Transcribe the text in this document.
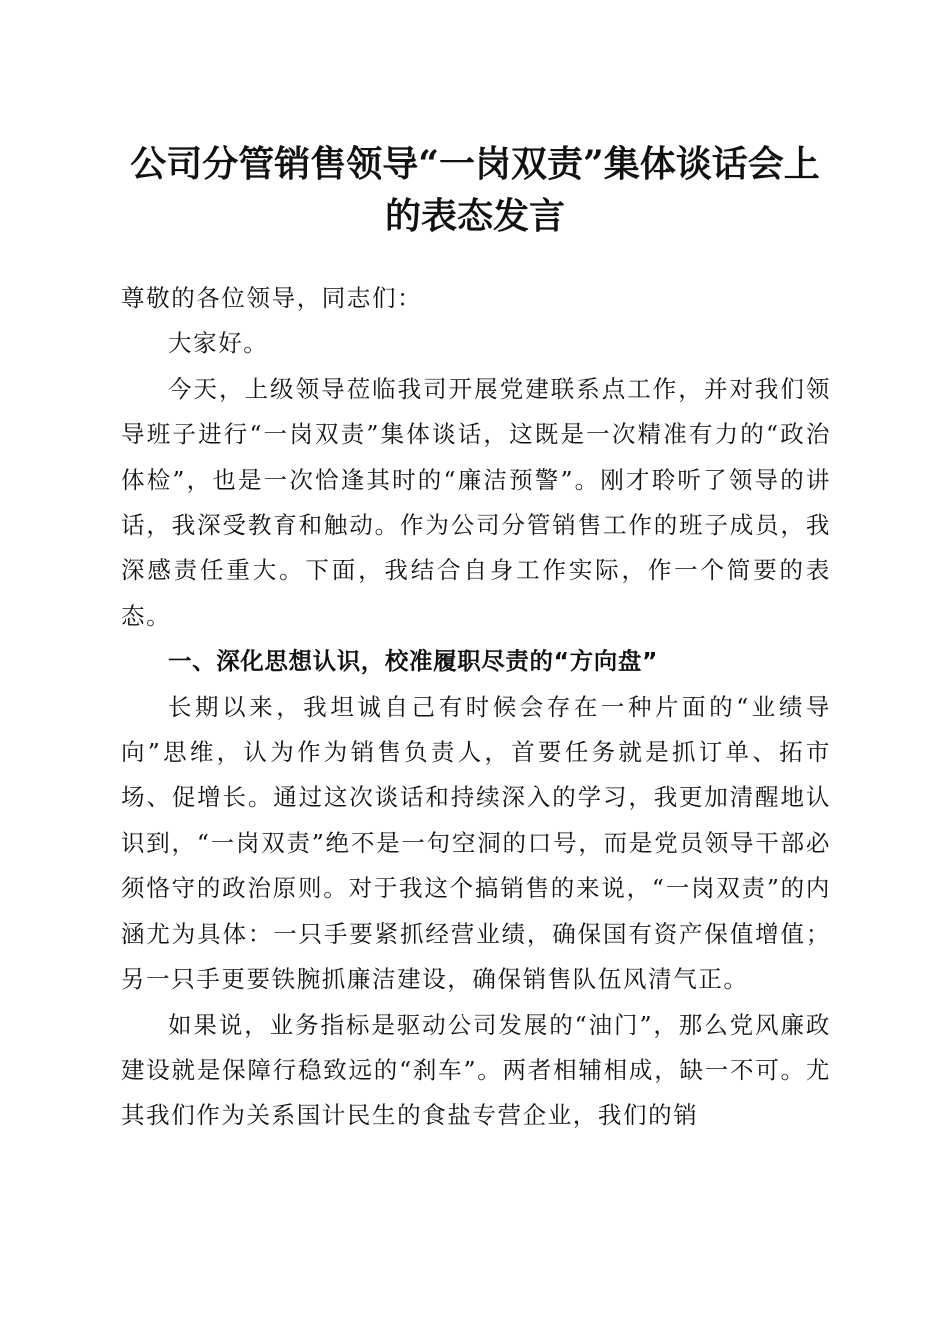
公司分管销售领导“一岗双责”集体谈话会上
的表态发言

尊敬的各位领导，同志们：

大家好。

今天，上级领导莅临我司开展党建联系点工作，并对我们领导班子进行“一岗双责”集体谈话，这既是一次精准有力的“政治体检”，也是一次恰逢其时的“廉洁预警”。刚才聆听了领导的讲话，我深受教育和触动。作为公司分管销售工作的班子成员，我深感责任重大。下面，我结合自身工作实际，作一个简要的表态。

一、深化思想认识，校准履职尽责的“方向盘”

长期以来，我坦诚自己有时候会存在一种片面的“业绩导向”思维，认为作为销售负责人，首要任务就是抓订单、拓市场、促增长。通过这次谈话和持续深入的学习，我更加清醒地认识到，“一岗双责”绝不是一句空洞的口号，而是党员领导干部必须恪守的政治原则。对于我这个搞销售的来说，“一岗双责”的内涵尤为具体：一只手要紧抓经营业绩，确保国有资产保值增值；另一只手更要铁腕抓廉洁建设，确保销售队伍风清气正。

如果说，业务指标是驱动公司发展的“油门”，那么党风廉政建设就是保障行稳致远的“刹车”。两者相辅相成，缺一不可。尤其我们作为关系国计民生的食盐专营企业，我们的销
